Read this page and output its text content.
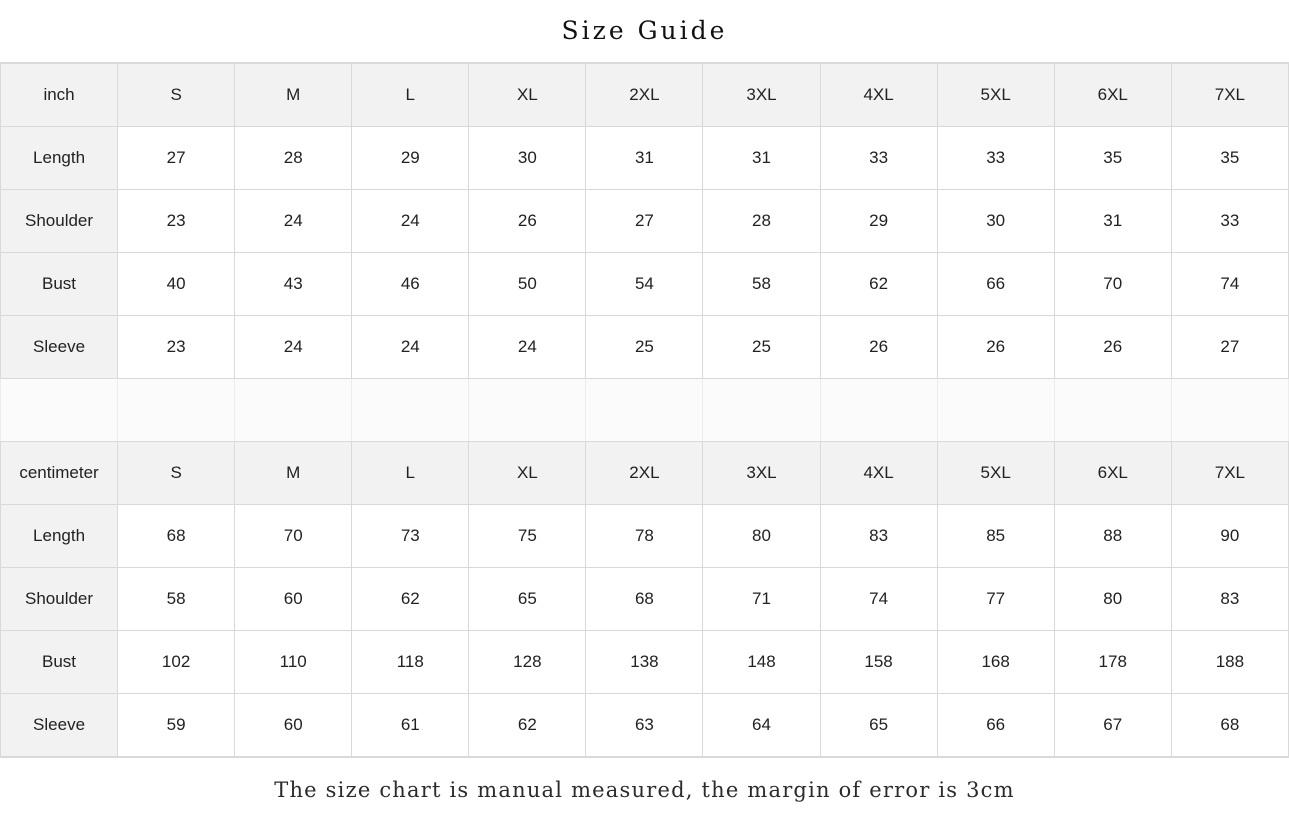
Size Guide
inch	S	M	L	XL	2XL	3XL	4XL	5XL	6XL	7XL
Length	27	28	29	30	31	31	33	33	35	35
Shoulder	23	24	24	26	27	28	29	30	31	33
Bust	40	43	46	50	54	58	62	66	70	74
Sleeve	23	24	24	24	25	25	26	26	26	27

centimeter	S	M	L	XL	2XL	3XL	4XL	5XL	6XL	7XL
Length	68	70	73	75	78	80	83	85	88	90
Shoulder	58	60	62	65	68	71	74	77	80	83
Bust	102	110	118	128	138	148	158	168	178	188
Sleeve	59	60	61	62	63	64	65	66	67	68
The size chart is manual measured, the margin of error is 3cm
